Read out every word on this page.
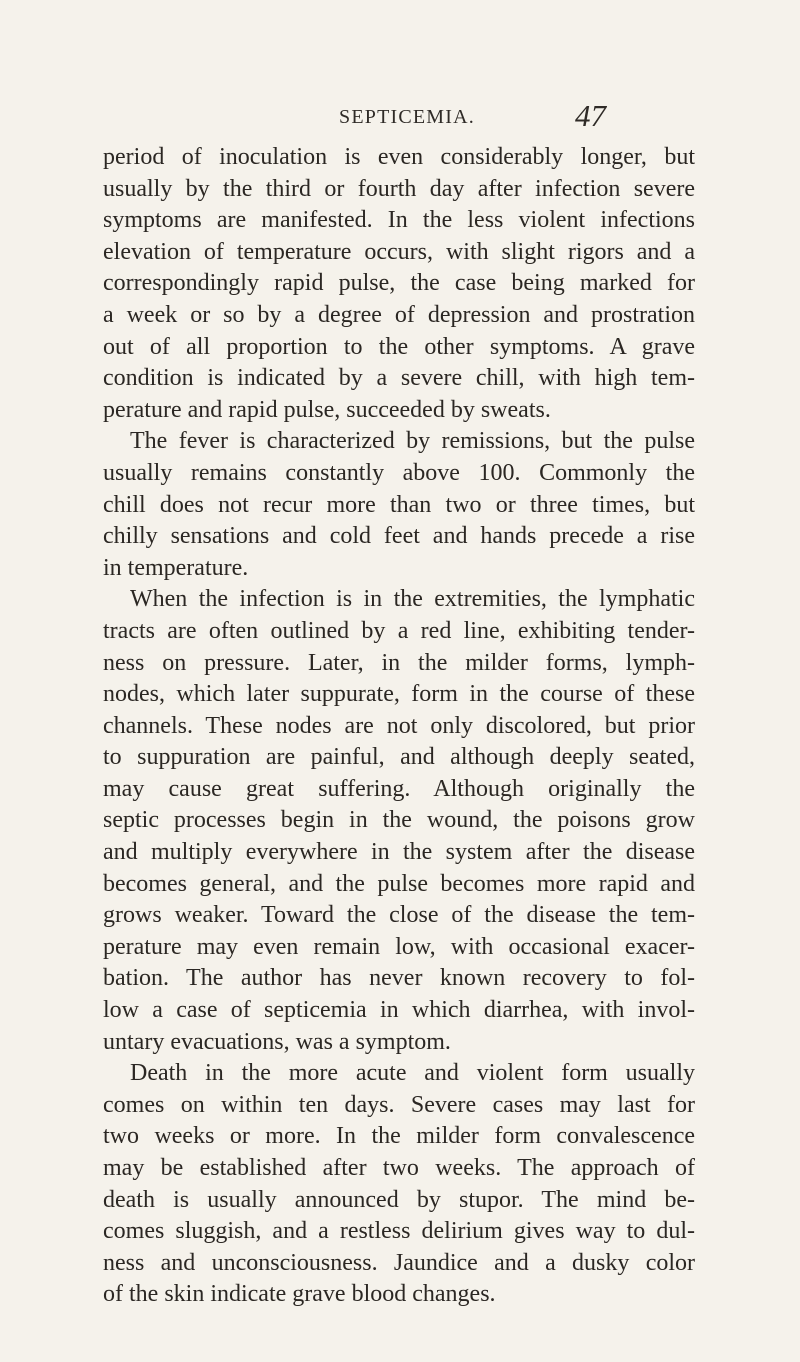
SEPTICEMIA.	47
period of inoculation is even considerably longer, but
usually by the third or fourth day after infection severe
symptoms are manifested. In the less violent infections
elevation of temperature occurs, with slight rigors and a
correspondingly rapid pulse, the case being marked for
a week or so by a degree of depression and prostration
out of all proportion to the other symptoms. A grave
condition is indicated by a severe chill, with high tem-
perature and rapid pulse, succeeded by sweats.
The fever is characterized by remissions, but the pulse
usually remains constantly above 100. Commonly the
chill does not recur more than two or three times, but
chilly sensations and cold feet and hands precede a rise
in temperature.
When the infection is in the extremities, the lymphatic
tracts are often outlined by a red line, exhibiting tender-
ness on pressure. Later, in the milder forms, lymph-
nodes, which later suppurate, form in the course of these
channels. These nodes are not only discolored, but prior
to suppuration are painful, and although deeply seated,
may cause great suffering. Although originally the
septic processes begin in the wound, the poisons grow
and multiply everywhere in the system after the disease
becomes general, and the pulse becomes more rapid and
grows weaker. Toward the close of the disease the tem-
perature may even remain low, with occasional exacer-
bation. The author has never known recovery to fol-
low a case of septicemia in which diarrhea, with invol-
untary evacuations, was a symptom.
Death in the more acute and violent form usually
comes on within ten days. Severe cases may last for
two weeks or more. In the milder form convalescence
may be established after two weeks. The approach of
death is usually announced by stupor. The mind be-
comes sluggish, and a restless delirium gives way to dul-
ness and unconsciousness. Jaundice and a dusky color
of the skin indicate grave blood changes.
